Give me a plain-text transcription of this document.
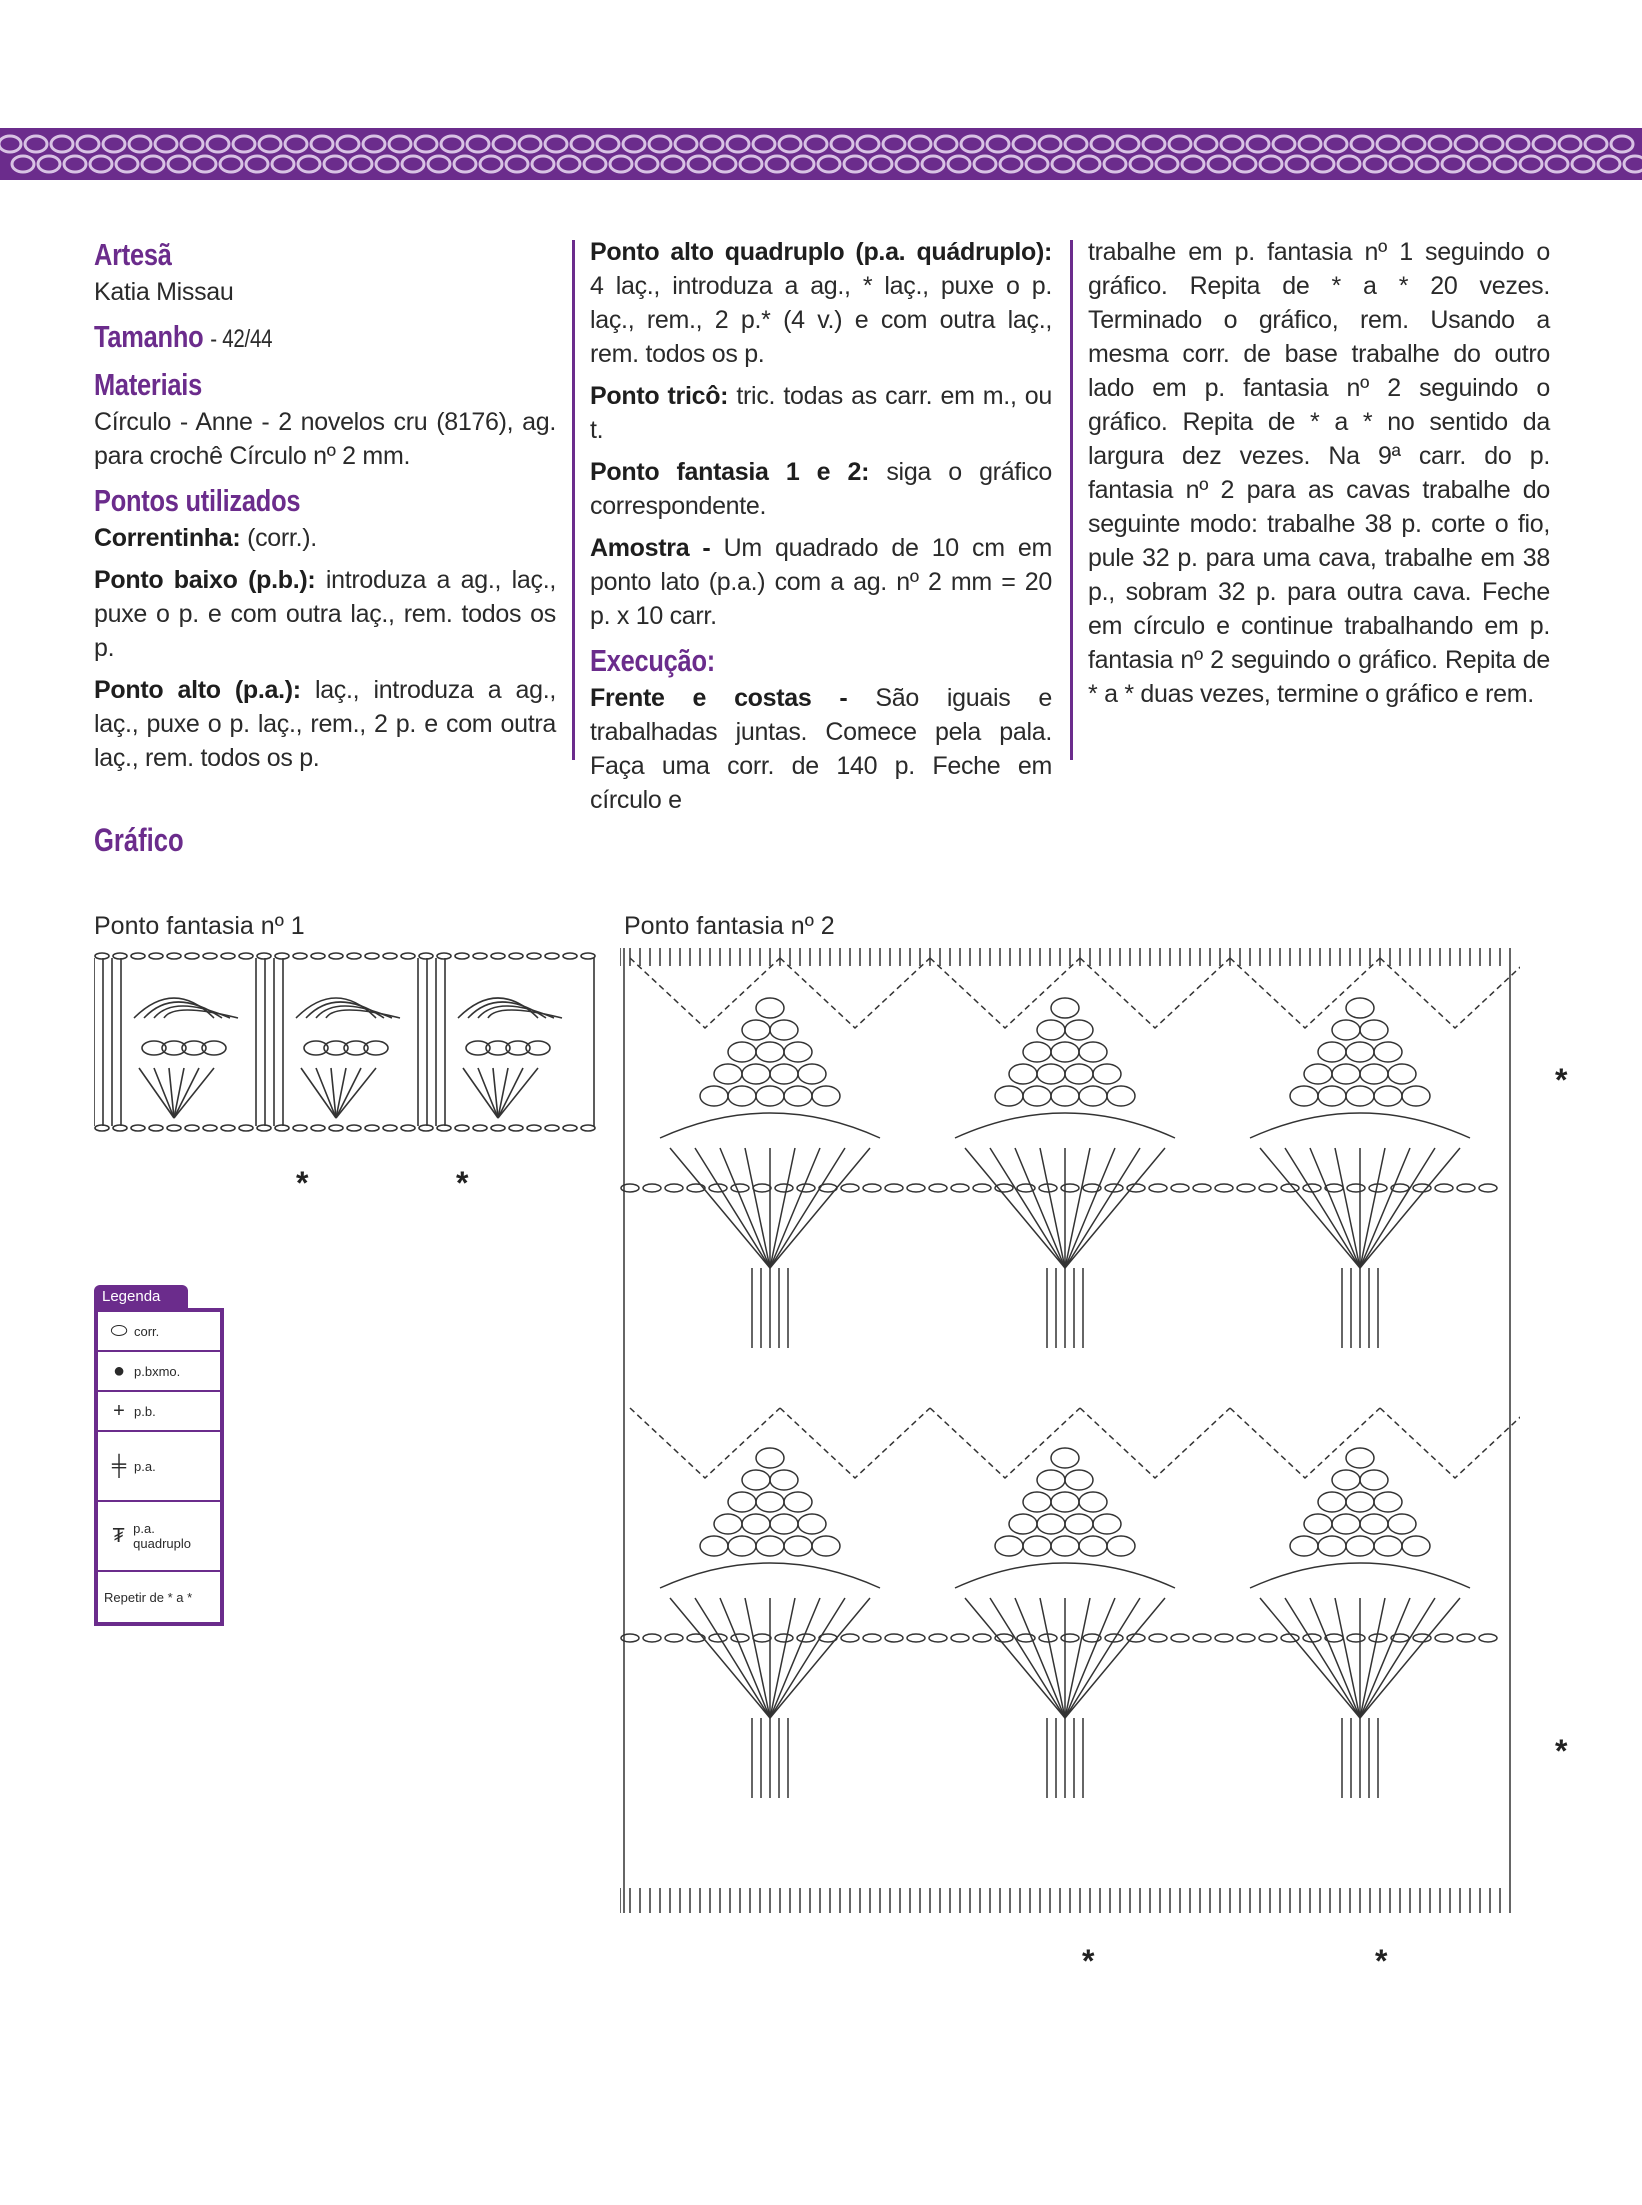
Artesã

Katia Missau

Tamanho - 42/44
Materiais

Círculo - Anne - 2 novelos cru (8176), ag. para crochê Círculo nº 2 mm.

Pontos utilizados

Correntinha: (corr.).

Ponto baixo (p.b.): introduza a ag., laç., puxe o p. e com outra laç., rem. todos os p.

Ponto alto (p.a.): laç., introduza a ag., laç., puxe o p. laç., rem., 2 p. e com outra laç., rem. todos os p.

Ponto alto quadruplo (p.a. quádruplo): 4 laç., introduza a ag., * laç., puxe o p. laç., rem., 2 p.* (4 v.) e com outra laç., rem. todos os p.

Ponto tricô: tric. todas as carr. em m., ou t.

Ponto fantasia 1 e 2: siga o gráfico correspondente.

Amostra - Um quadrado de 10 cm em ponto lato (p.a.) com a ag. nº 2 mm = 20 p. x 10 carr.

Execução:

Frente e costas - São iguais e trabalhadas juntas. Comece pela pala. Faça uma corr. de 140 p. Feche em círculo e

trabalhe em p. fantasia nº 1 seguindo o gráfico. Repita de * a * 20 vezes. Terminado o gráfico, rem. Usando a mesma corr. de base trabalhe do outro lado em p. fantasia nº 2 seguindo o gráfico. Repita de * a * no sentido da largura dez vezes. Na 9ª carr. do p. fantasia nº 2 para as cavas trabalhe do seguinte modo: trabalhe 38 p. corte o fio, pule 32 p. para uma cava, trabalhe em 38 p., sobram 32 p. para outra cava. Feche em círculo e continue trabalhando em p. fantasia nº 2 seguindo o gráfico. Repita de * a * duas vezes, termine o gráfico e rem.

Gráfico
Ponto fantasia nº 1	Ponto fantasia nº 2
*	*
*
*
*	*
Legenda
⬭ corr.
● p.bxmo.
+ p.b.
╪ p.a.
₮ p.a. quadruplo
Repetir de * a *
